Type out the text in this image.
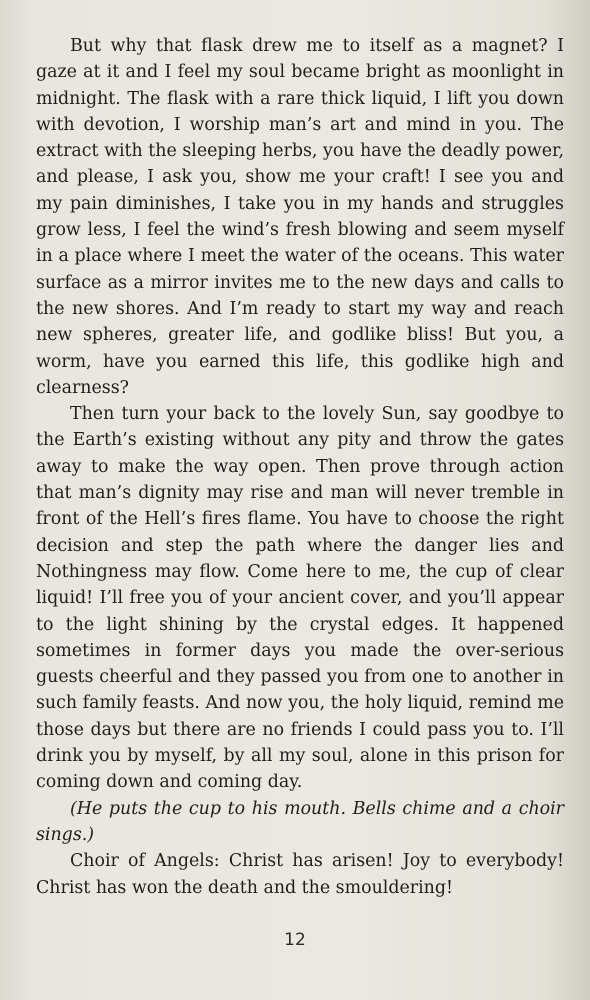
But why that flask drew me to itself as a magnet? I gaze at it and I feel my soul became bright as moonlight in midnight. The flask with a rare thick liquid, I lift you down with devotion, I worship man’s art and mind in you. The extract with the sleeping herbs, you have the deadly power, and please, I ask you, show me your craft! I see you and my pain diminishes, I take you in my hands and struggles grow less, I feel the wind’s fresh blowing and seem myself in a place where I meet the water of the oceans. This water surface as a mirror invites me to the new days and calls to the new shores. And I’m ready to start my way and reach new spheres, greater life, and godlike bliss! But you, a worm, have you earned this life, this godlike high and clearness?

Then turn your back to the lovely Sun, say goodbye to the Earth’s existing without any pity and throw the gates away to make the way open. Then prove through action that man’s dignity may rise and man will never tremble in front of the Hell’s fires flame. You have to choose the right decision and step the path where the danger lies and Nothingness may flow. Come here to me, the cup of clear liquid! I’ll free you of your ancient cover, and you’ll appear to the light shining by the crystal edges. It happened sometimes in former days you made the over-serious guests cheerful and they passed you from one to another in such family feasts. And now you, the holy liquid, remind me those days but there are no friends I could pass you to. I’ll drink you by myself, by all my soul, alone in this prison for coming down and coming day.

(He puts the cup to his mouth. Bells chime and a choir sings.)

Choir of Angels: Christ has arisen! Joy to everybody! Christ has won the death and the smouldering!

12
